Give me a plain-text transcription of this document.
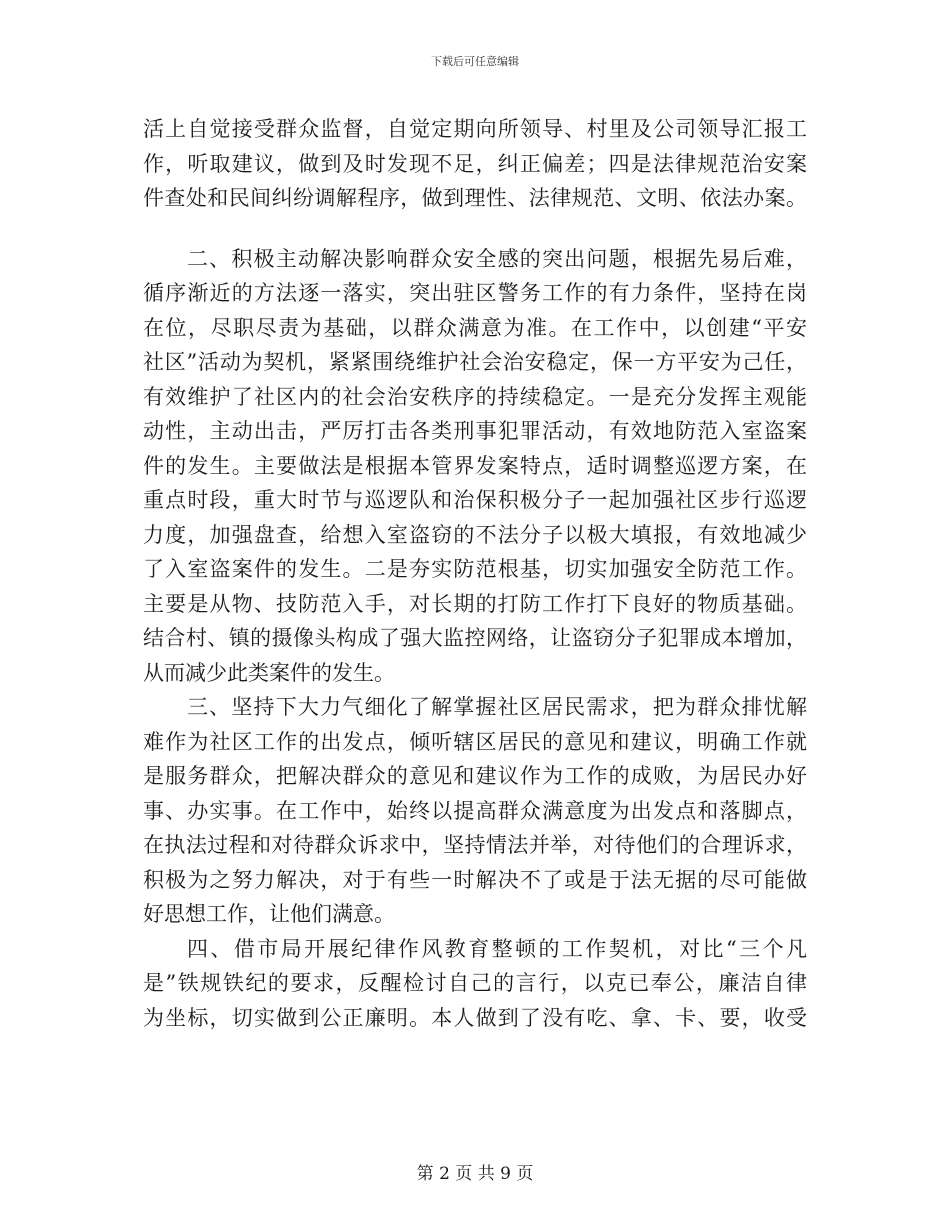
下载后可任意编辑
活上自觉接受群众监督，自觉定期向所领导、村里及公司领导汇报工
作，听取建议，做到及时发现不足，纠正偏差；四是法律规范治安案
件查处和民间纠纷调解程序，做到理性、法律规范、文明、依法办案。
二、积极主动解决影响群众安全感的突出问题，根据先易后难，
循序渐近的方法逐一落实，突出驻区警务工作的有力条件，坚持在岗
在位，尽职尽责为基础，以群众满意为准。在工作中，以创建“平安
社区”活动为契机，紧紧围绕维护社会治安稳定，保一方平安为己任，
有效维护了社区内的社会治安秩序的持续稳定。一是充分发挥主观能
动性，主动出击，严厉打击各类刑事犯罪活动，有效地防范入室盗案
件的发生。主要做法是根据本管界发案特点，适时调整巡逻方案，在
重点时段，重大时节与巡逻队和治保积极分子一起加强社区步行巡逻
力度，加强盘查，给想入室盗窃的不法分子以极大填报，有效地减少
了入室盗案件的发生。二是夯实防范根基，切实加强安全防范工作。
主要是从物、技防范入手，对长期的打防工作打下良好的物质基础。
结合村、镇的摄像头构成了强大监控网络，让盗窃分子犯罪成本增加，
从而减少此类案件的发生。
三、坚持下大力气细化了解掌握社区居民需求，把为群众排忧解
难作为社区工作的出发点，倾听辖区居民的意见和建议，明确工作就
是服务群众，把解决群众的意见和建议作为工作的成败，为居民办好
事、办实事。在工作中，始终以提高群众满意度为出发点和落脚点，
在执法过程和对待群众诉求中，坚持情法并举，对待他们的合理诉求，
积极为之努力解决，对于有些一时解决不了或是于法无据的尽可能做
好思想工作，让他们满意。
四、借市局开展纪律作风教育整顿的工作契机，对比“三个凡
是”铁规铁纪的要求，反醒检讨自己的言行，以克已奉公，廉洁自律
为坐标，切实做到公正廉明。本人做到了没有吃、拿、卡、要，收受
第 2 页 共 9 页
